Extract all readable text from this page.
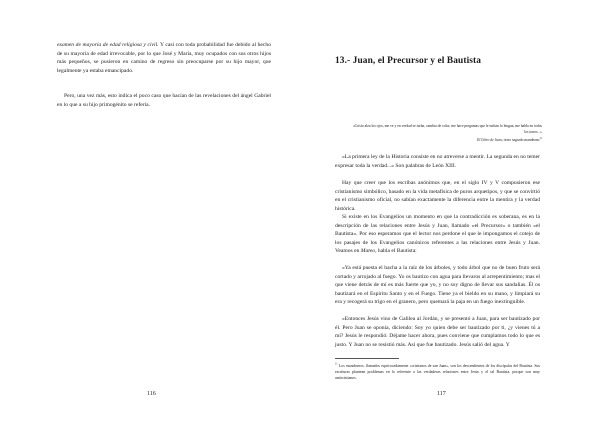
examen de mayoría de edad religiosa y civil. Y casi con toda probabilidad fue debido al hecho de su mayoría de edad irrevocable, por lo que José y María, muy ocupados con sus otros hijos más pequeños, se pusieron en camino de regreso sin preocuparse por su hijo mayor, que legalmente ya estaba emancipado.

Pero, una vez más, esto indica el poco caso que hacían de las revelaciones del ángel Gabriel en lo que a su hijo primogénito se refería.

116

13.- Juan, el Precursor y el Bautista

«Cristo alza los ojos, me ve y en verdad se turba, cambia de color, me hace preguntas que le turban lo lengua, me habla en todos los tonos...»

El Libro de Juan, texto sagrado mandeano$^{11}$

«La primera ley de la Historia consiste en no atreverse a mentir. La segunda en no temer expresar toda la verdad...» Son palabras de León XIII.

Hay que creer que los escribas anónimos que, en el siglo IV y V compusieron ese cristianismo simbólico, basado en la vida metafísica de puros arquetipos, y que se convirtió en el cristianismo oficial, no sabían exactamente la diferencia entre la mentira y la verdad histórica.

Si existe en los Evangelios un momento en que la contradicción es soberana, es en la descripción de las relaciones entre Jesús y Juan, llamado «el Precursor» o también «el Bautista». Por eso esperamos que el lector nos perdone el que le impongamos el cotejo de los pasajes de los Evangelios canónicos referentes a las relaciones entre Jesús y Juan. Veamos en Mateo, habla el Bautista:

«Ya está puesta el hacha a la raíz de los árboles, y todo árbol que no de buen fruto será cortado y arrojado al fuego. Yo os bautizo con agua para llevaros al arrepentimiento; mas el que viene detrás de mí es más fuerte que yo, y no soy digno de llevar sus sandalias. Él os bautizará en el Espíritu Santo y en el Fuego. Tiene ya el bieldo en su mano, y limpiará su era y recogerá su trigo en el granero, pero quemará la paja en un fuego inextinguible.

»Entonces Jesús vino de Galilea al Jordán, y se presentó a Juan, para ser bautizado por él. Pero Juan se oponía, diciendo: Soy yo quien debe ser bautizado por ti, ¿y vienes tú a mí? Jesús le respondió: Déjame hacer ahora, pues conviene que cumplamos todo lo que es justo. Y Juan no se resistió más. Así que fue bautizado. Jesús salió del agua. Y

$^{11}$ Los mandeanos. llamados equivocadamente «cristianos de san Juan», son los descendientes de los discípulos del Bautista. Sus escrituras plantean problemas en lo referente a las verdaderas relaciones entre Jesús y el tal Bautista, porque son muy anticristianos.

117
